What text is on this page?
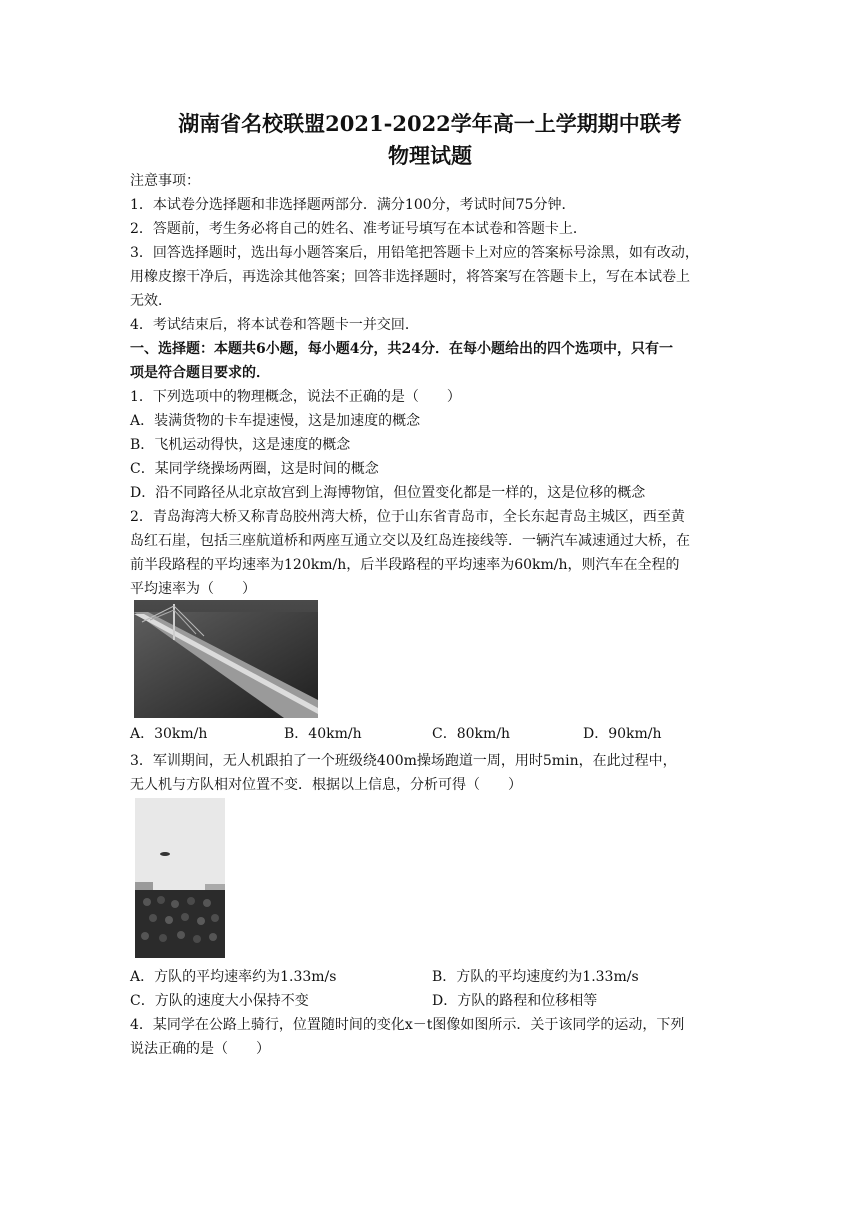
湖南省名校联盟2021-2022学年高一上学期期中联考
物理试题
注意事项：
1．本试卷分选择题和非选择题两部分．满分100分，考试时间75分钟．
2．答题前，考生务必将自己的姓名、准考证号填写在本试卷和答题卡上．
3．回答选择题时，选出每小题答案后，用铅笔把答题卡上对应的答案标号涂黑，如有改动，
用橡皮擦干净后，再选涂其他答案；回答非选择题时，将答案写在答题卡上，写在本试卷上
无效．
4．考试结束后，将本试卷和答题卡一并交回．
一、选择题：本题共6小题，每小题4分，共24分．在每小题给出的四个选项中，只有一
项是符合题目要求的．
1．下列选项中的物理概念，说法不正确的是（　　）
A．装满货物的卡车提速慢，这是加速度的概念
B．飞机运动得快，这是速度的概念
C．某同学绕操场两圈，这是时间的概念
D．沿不同路径从北京故宫到上海博物馆，但位置变化都是一样的，这是位移的概念
2．青岛海湾大桥又称青岛胶州湾大桥，位于山东省青岛市，全长东起青岛主城区，西至黄
岛红石崖，包括三座航道桥和两座互通立交以及红岛连接线等．一辆汽车减速通过大桥，在
前半段路程的平均速率为120km/h，后半段路程的平均速率为60km/h，则汽车在全程的
平均速率为（　　）
A．30km/h	B．40km/h	C．80km/h	D．90km/h
3．军训期间，无人机跟拍了一个班级绕400m操场跑道一周，用时5min，在此过程中，
无人机与方队相对位置不变．根据以上信息，分析可得（　　）
A．方队的平均速率约为1.33m/s	B．方队的平均速度约为1.33m/s
C．方队的速度大小保持不变	D．方队的路程和位移相等
4．某同学在公路上骑行，位置随时间的变化x－t图像如图所示．关于该同学的运动，下列
说法正确的是（　　）
